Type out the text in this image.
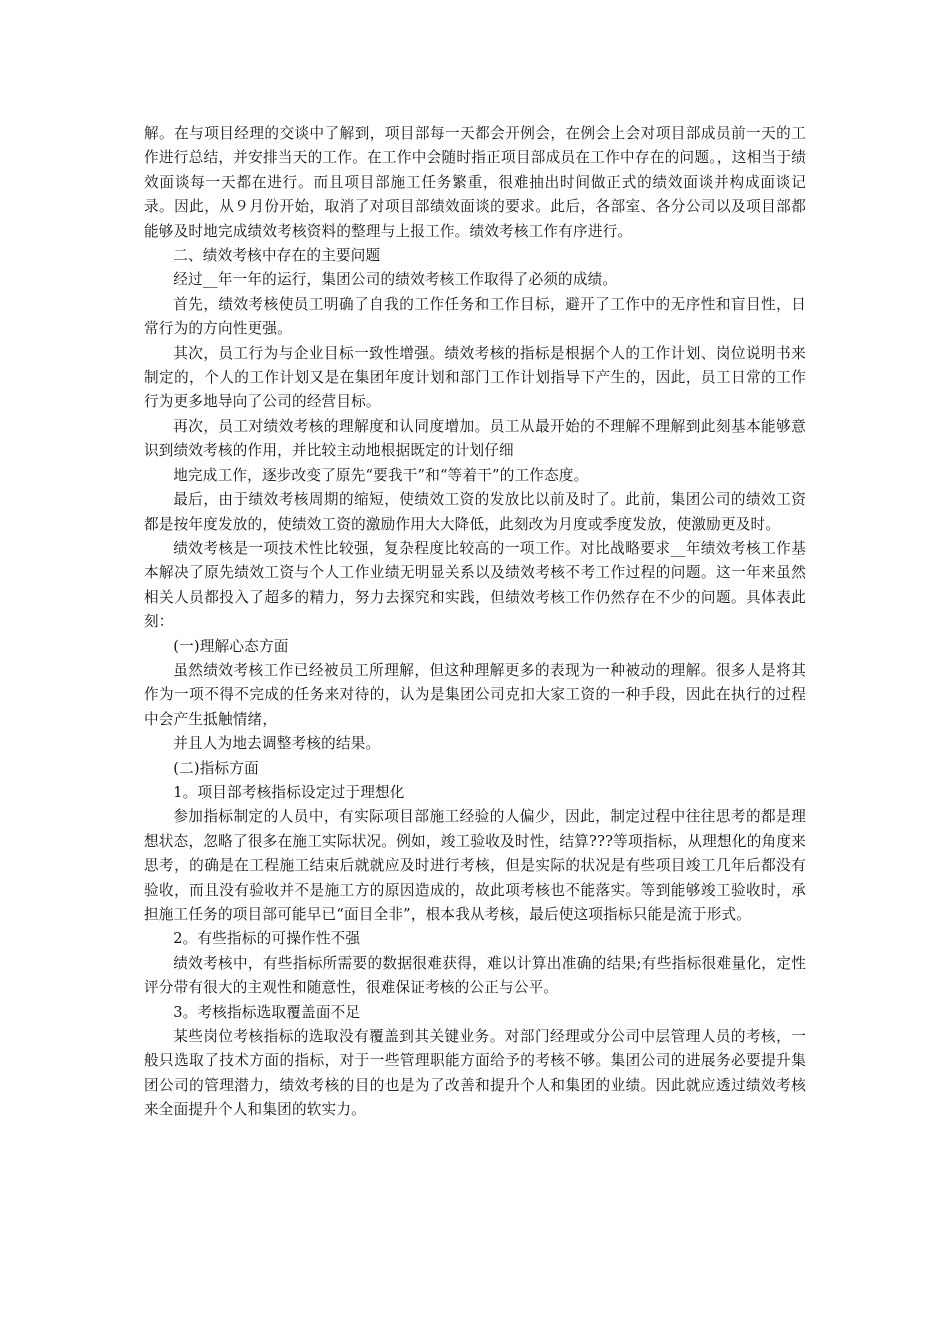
解。在与项目经理的交谈中了解到，项目部每一天都会开例会，在例会上会对项目部成员前一天的工作进行总结，并安排当天的工作。在工作中会随时指正项目部成员在工作中存在的问题。，这相当于绩效面谈每一天都在进行。而且项目部施工任务繁重，很难抽出时间做正式的绩效面谈并构成面谈记录。因此，从９月份开始，取消了对项目部绩效面谈的要求。此后，各部室、各分公司以及项目部都能够及时地完成绩效考核资料的整理与上报工作。绩效考核工作有序进行。

二、绩效考核中存在的主要问题

经过__年一年的运行，集团公司的绩效考核工作取得了必须的成绩。

首先，绩效考核使员工明确了自我的工作任务和工作目标，避开了工作中的无序性和盲目性，日常行为的方向性更强。

其次，员工行为与企业目标一致性增强。绩效考核的指标是根据个人的工作计划、岗位说明书来制定的，个人的工作计划又是在集团年度计划和部门工作计划指导下产生的，因此，员工日常的工作行为更多地导向了公司的经营目标。

再次，员工对绩效考核的理解度和认同度增加。员工从最开始的不理解不理解到此刻基本能够意识到绩效考核的作用，并比较主动地根据既定的计划仔细

地完成工作，逐步改变了原先“要我干”和“等着干”的工作态度。

最后，由于绩效考核周期的缩短，使绩效工资的发放比以前及时了。此前，集团公司的绩效工资都是按年度发放的，使绩效工资的激励作用大大降低，此刻改为月度或季度发放，使激励更及时。

绩效考核是一项技术性比较强，复杂程度比较高的一项工作。对比战略要求__年绩效考核工作基本解决了原先绩效工资与个人工作业绩无明显关系以及绩效考核不考工作过程的问题。这一年来虽然相关人员都投入了超多的精力，努力去探究和实践，但绩效考核工作仍然存在不少的问题。具体表此刻：

(一)理解心态方面

虽然绩效考核工作已经被员工所理解，但这种理解更多的表现为一种被动的理解。很多人是将其作为一项不得不完成的任务来对待的，认为是集团公司克扣大家工资的一种手段，因此在执行的过程中会产生抵触情绪，

并且人为地去调整考核的结果。

(二)指标方面

1。项目部考核指标设定过于理想化

参加指标制定的人员中，有实际项目部施工经验的人偏少，因此，制定过程中往往思考的都是理想状态，忽略了很多在施工实际状况。例如，竣工验收及时性，结算???等项指标，从理想化的角度来思考，的确是在工程施工结束后就就应及时进行考核，但是实际的状况是有些项目竣工几年后都没有验收，而且没有验收并不是施工方的原因造成的，故此项考核也不能落实。等到能够竣工验收时，承担施工任务的项目部可能早已“面目全非”，根本我从考核，最后使这项指标只能是流于形式。

2。有些指标的可操作性不强

绩效考核中，有些指标所需要的数据很难获得，难以计算出准确的结果;有些指标很难量化，定性评分带有很大的主观性和随意性，很难保证考核的公正与公平。

3。考核指标选取覆盖面不足

某些岗位考核指标的选取没有覆盖到其关键业务。对部门经理或分公司中层管理人员的考核，一般只选取了技术方面的指标，对于一些管理职能方面给予的考核不够。集团公司的进展务必要提升集团公司的管理潜力，绩效考核的目的也是为了改善和提升个人和集团的业绩。因此就应透过绩效考核来全面提升个人和集团的软实力。
